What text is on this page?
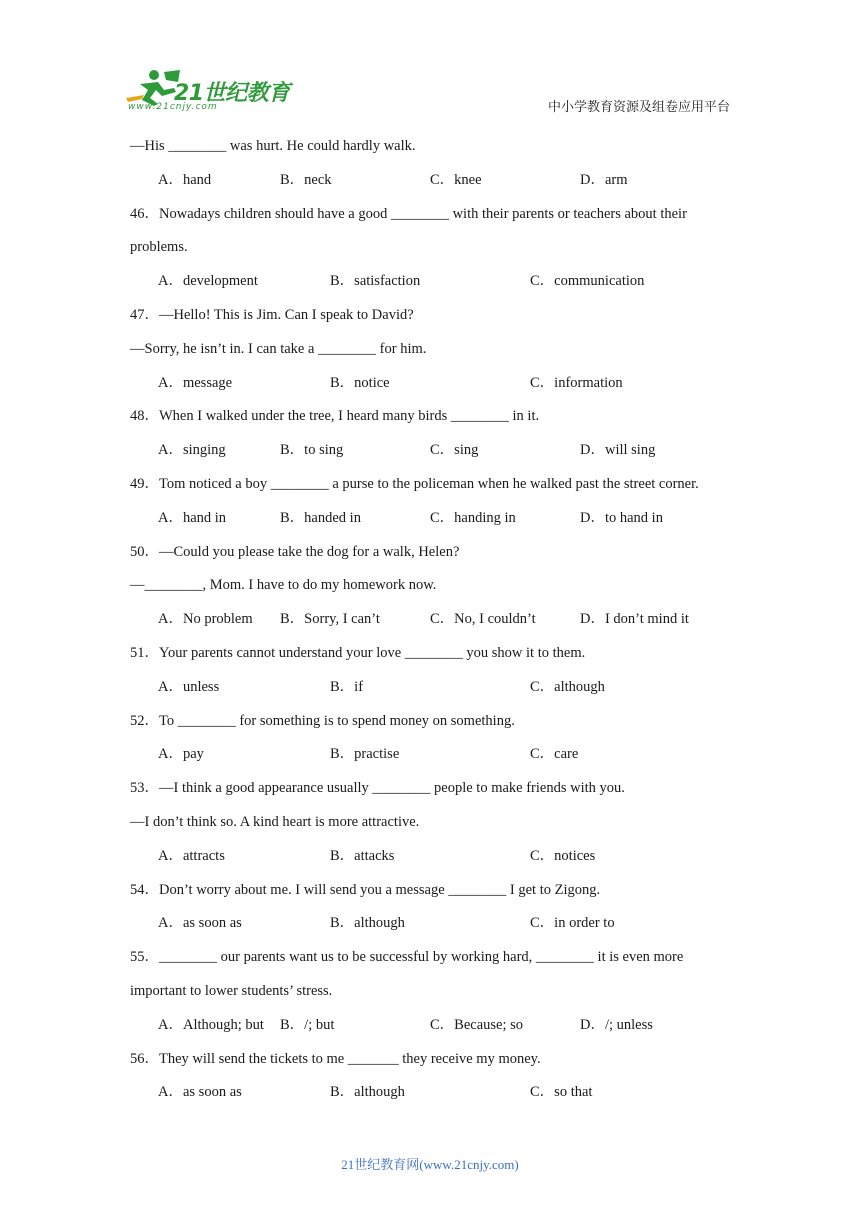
21世纪教育
www.21cnjy.com	中小学教育资源及组卷应用平台
—His ________ was hurt. He could hardly walk.
A．hand	B．neck	C．knee	D．arm
46．Nowadays children should have a good ________ with their parents or teachers about their
problems.
A．development	B．satisfaction	C．communication
47．—Hello! This is Jim. Can I speak to David?
—Sorry, he isn’t in. I can take a ________ for him.
A．message	B．notice	C．information
48．When I walked under the tree, I heard many birds ________ in it.
A．singing	B．to sing	C．sing	D．will sing
49．Tom noticed a boy ________ a purse to the policeman when he walked past the street corner.
A．hand in	B．handed in	C．handing in	D．to hand in
50．—Could you please take the dog for a walk, Helen?
—________, Mom. I have to do my homework now.
A．No problem B．Sorry, I can’t	C．No, I couldn’t	D．I don’t mind it
51．Your parents cannot understand your love ________ you show it to them.
A．unless	B．if	C．although
52．To ________ for something is to spend money on something.
A．pay	B．practise	C．care
53．—I think a good appearance usually ________ people to make friends with you.
—I don’t think so. A kind heart is more attractive.
A．attracts	B．attacks	C．notices
54．Don’t worry about me. I will send you a message ________ I get to Zigong.
A．as soon as	B．although	C．in order to
55．________ our parents want us to be successful by working hard, ________ it is even more
important to lower students’ stress.
A．Although; but B．/; but	C．Because; so	D．/; unless
56．They will send the tickets to me _______ they receive my money.
A．as soon as	B．although	C．so that
21世纪教育网(www.21cnjy.com)
